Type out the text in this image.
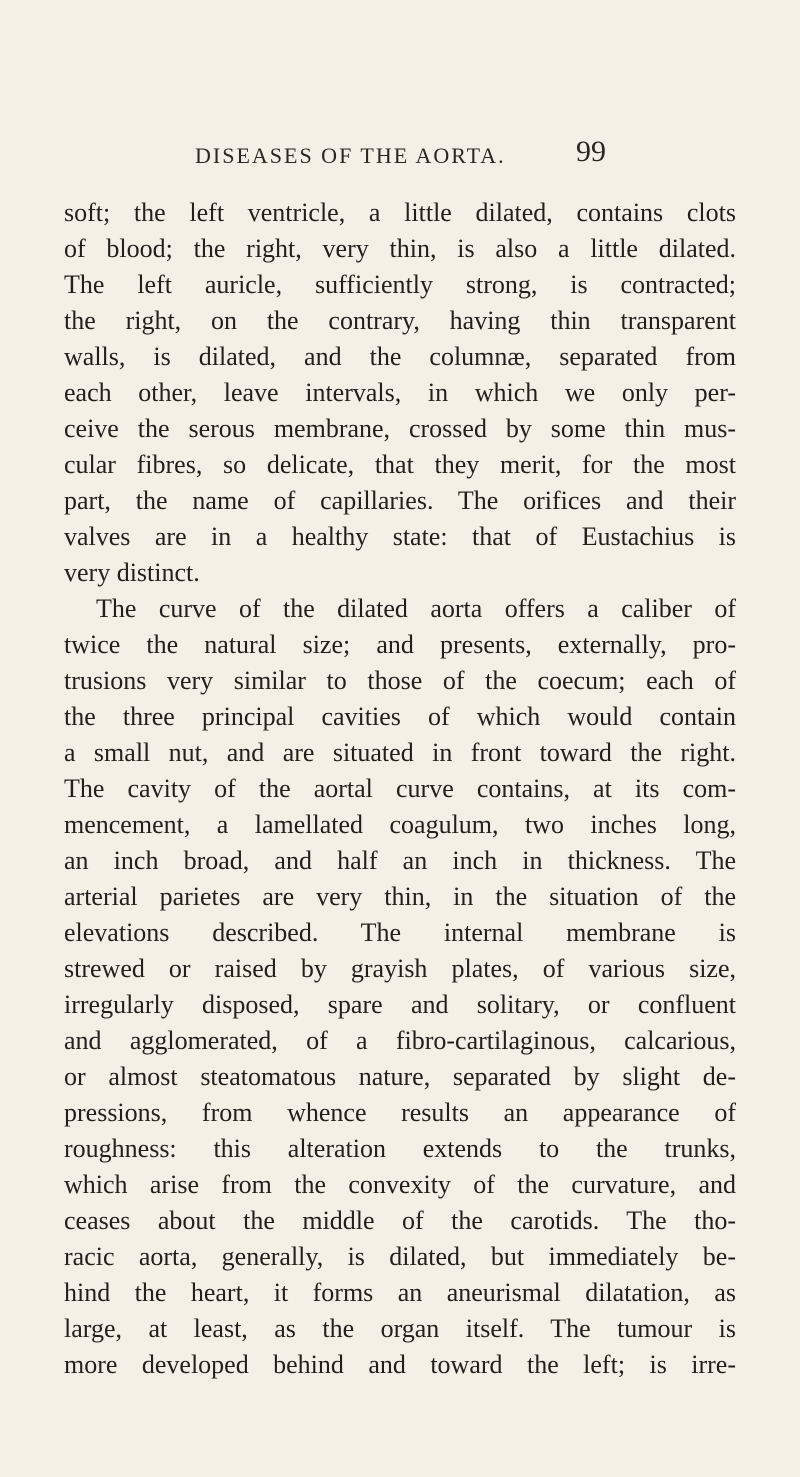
DISEASES OF THE AORTA. 99
soft; the left ventricle, a little dilated, contains clots
of blood; the right, very thin, is also a little dilated.
The left auricle, sufficiently strong, is contracted;
the right, on the contrary, having thin transparent
walls, is dilated, and the columnæ, separated from
each other, leave intervals, in which we only per-
ceive the serous membrane, crossed by some thin mus-
cular fibres, so delicate, that they merit, for the most
part, the name of capillaries. The orifices and their
valves are in a healthy state: that of Eustachius is
very distinct.
The curve of the dilated aorta offers a caliber of
twice the natural size; and presents, externally, pro-
trusions very similar to those of the coecum; each of
the three principal cavities of which would contain
a small nut, and are situated in front toward the right.
The cavity of the aortal curve contains, at its com-
mencement, a lamellated coagulum, two inches long,
an inch broad, and half an inch in thickness. The
arterial parietes are very thin, in the situation of the
elevations described. The internal membrane is
strewed or raised by grayish plates, of various size,
irregularly disposed, spare and solitary, or confluent
and agglomerated, of a fibro-cartilaginous, calcarious,
or almost steatomatous nature, separated by slight de-
pressions, from whence results an appearance of
roughness: this alteration extends to the trunks,
which arise from the convexity of the curvature, and
ceases about the middle of the carotids. The tho-
racic aorta, generally, is dilated, but immediately be-
hind the heart, it forms an aneurismal dilatation, as
large, at least, as the organ itself. The tumour is
more developed behind and toward the left; is irre-
